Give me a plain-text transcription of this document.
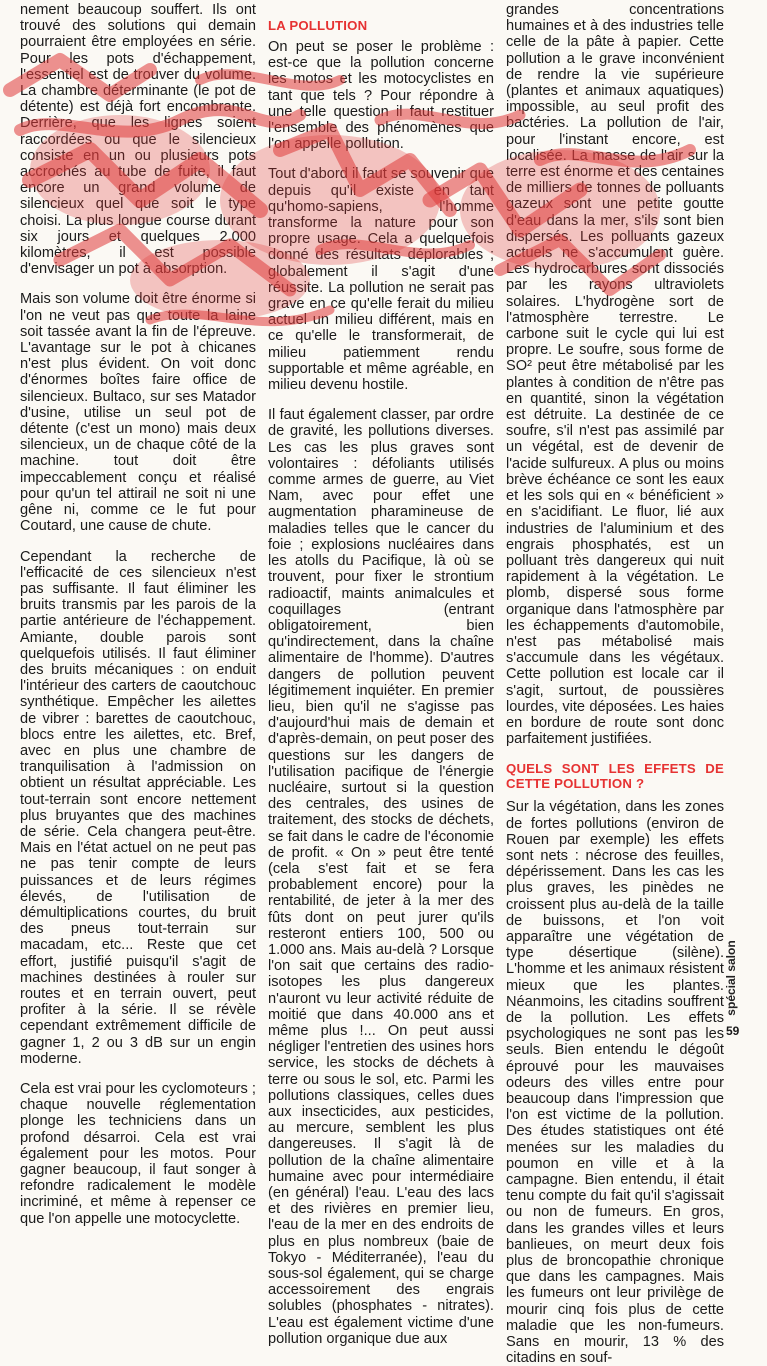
nement beaucoup souffert. Ils ont trouvé des solutions qui demain pourraient être employées en série. Pour les pots d'échappement, l'essentiel est de trouver du volume. La chambre déterminante (le pot de détente) est déjà fort encombrante. Derrière, que les lignes soient raccordées ou que le silencieux consiste en un ou plusieurs pots accrochés au tube de fuite, il faut encore un grand volume de silencieux quel que soit le type choisi. La plus longue course durant six jours et quelques 2.000 kilomètres, il est possible d'envisager un pot à absorption.

Mais son volume doit être énorme si l'on ne veut pas que toute la laine soit tassée avant la fin de l'épreuve. L'avantage sur le pot à chicanes n'est plus évident. On voit donc d'énormes boîtes faire office de silencieux. Bultaco, sur ses Matador d'usine, utilise un seul pot de détente (c'est un mono) mais deux silencieux, un de chaque côté de la machine. tout doit être impeccablement conçu et réalisé pour qu'un tel attirail ne soit ni une gêne ni, comme ce le fut pour Coutard, une cause de chute.

Cependant la recherche de l'efficacité de ces silencieux n'est pas suffisante. Il faut éliminer les bruits transmis par les parois de la partie antérieure de l'échappement. Amiante, double parois sont quelquefois utilisés. Il faut éliminer des bruits mécaniques : on enduit l'intérieur des carters de caoutchouc synthétique. Empêcher les ailettes de vibrer : barettes de caoutchouc, blocs entre les ailettes, etc. Bref, avec en plus une chambre de tranquilisation à l'admission on obtient un résultat appréciable. Les tout-terrain sont encore nettement plus bruyantes que des machines de série. Cela changera peut-être. Mais en l'état actuel on ne peut pas ne pas tenir compte de leurs puissances et de leurs régimes élevés, de l'utilisation de démultiplications courtes, du bruit des pneus tout-terrain sur macadam, etc... Reste que cet effort, justifié puisqu'il s'agit de machines destinées à rouler sur routes et en terrain ouvert, peut profiter à la série. Il se révèle cependant extrêmement difficile de gagner 1, 2 ou 3 dB sur un engin moderne.

Cela est vrai pour les cyclomoteurs ; chaque nouvelle réglementation plonge les techniciens dans un profond désarroi. Cela est vrai également pour les motos. Pour gagner beaucoup, il faut songer à refondre radicalement le modèle incriminé, et même à repenser ce que l'on appelle une motocyclette.

LA POLLUTION

On peut se poser le problème : est-ce que la pollution concerne les motos et les motocyclistes en tant que tels ? Pour répondre à une telle question il faut restituer l'ensemble des phénomènes que l'on appelle pollution.

Tout d'abord il faut se souvenir que depuis qu'il existe en tant qu'homo-sapiens, l'homme transforme la nature pour son propre usage. Cela a quelquefois donné des résultats déplorables ; globalement il s'agit d'une réussite. La pollution ne serait pas grave en ce qu'elle ferait du milieu actuel un milieu différent, mais en ce qu'elle le transformerait, de milieu patiemment rendu supportable et même agréable, en milieu devenu hostile.

Il faut également classer, par ordre de gravité, les pollutions diverses. Les cas les plus graves sont volontaires : défoliants utilisés comme armes de guerre, au Viet Nam, avec pour effet une augmentation pharamineuse de maladies telles que le cancer du foie ; explosions nucléaires dans les atolls du Pacifique, là où se trouvent, pour fixer le strontium radioactif, maints animalcules et coquillages (entrant obligatoirement, bien qu'indirectement, dans la chaîne alimentaire de l'homme). D'autres dangers de pollution peuvent légitimement inquiéter. En premier lieu, bien qu'il ne s'agisse pas d'aujourd'hui mais de demain et d'après-demain, on peut poser des questions sur les dangers de l'utilisation pacifique de l'énergie nucléaire, surtout si la question des centrales, des usines de traitement, des stocks de déchets, se fait dans le cadre de l'économie de profit. « On » peut être tenté (cela s'est fait et se fera probablement encore) pour la rentabilité, de jeter à la mer des fûts dont on peut jurer qu'ils resteront entiers 100, 500 ou 1.000 ans. Mais au-delà ? Lorsque l'on sait que certains des radio-isotopes les plus dangereux n'auront vu leur activité réduite de moitié que dans 40.000 ans et même plus !... On peut aussi négliger l'entretien des usines hors service, les stocks de déchets à terre ou sous le sol, etc. Parmi les pollutions classiques, celles dues aux insecticides, aux pesticides, au mercure, semblent les plus dangereuses. Il s'agit là de pollution de la chaîne alimentaire humaine avec pour intermédiaire (en général) l'eau. L'eau des lacs et des rivières en premier lieu, l'eau de la mer en des endroits de plus en plus nombreux (baie de Tokyo - Méditerranée), l'eau du sous-sol également, qui se charge accessoirement des engrais solubles (phosphates - nitrates). L'eau est également victime d'une pollution organique due aux

grandes concentrations humaines et à des industries telle celle de la pâte à papier. Cette pollution a le grave inconvénient de rendre la vie supérieure (plantes et animaux aquatiques) impossible, au seul profit des bactéries. La pollution de l'air, pour l'instant encore, est localisée. La masse de l'air sur la terre est énorme et des centaines de milliers de tonnes de polluants gazeux sont une petite goutte d'eau dans la mer, s'ils sont bien dispersés. Les polluants gazeux actuels ne s'accumulent guère. Les hydrocarbures sont dissociés par les rayons ultraviolets solaires. L'hydrogène sort de l'atmosphère terrestre. Le carbone suit le cycle qui lui est propre. Le soufre, sous forme de SO² peut être métabolisé par les plantes à condition de n'être pas en quantité, sinon la végétation est détruite. La destinée de ce soufre, s'il n'est pas assimilé par un végétal, est de devenir de l'acide sulfureux. A plus ou moins brève échéance ce sont les eaux et les sols qui en « bénéficient » en s'acidifiant. Le fluor, lié aux industries de l'aluminium et des engrais phosphatés, est un polluant très dangereux qui nuit rapidement à la végétation. Le plomb, dispersé sous forme organique dans l'atmosphère par les échappements d'automobile, n'est pas métabolisé mais s'accumule dans les végétaux. Cette pollution est locale car il s'agit, surtout, de poussières lourdes, vite déposées. Les haies en bordure de route sont donc parfaitement justifiées.

QUELS SONT LES EFFETS DE CETTE POLLUTION ?

Sur la végétation, dans les zones de fortes pollutions (environ de Rouen par exemple) les effets sont nets : nécrose des feuilles, dépérissement. Dans les cas les plus graves, les pinèdes ne croissent plus au-delà de la taille de buissons, et l'on voit apparaître une végétation de type désertique (silène). L'homme et les animaux résistent mieux que les plantes. Néanmoins, les citadins souffrent de la pollution. Les effets psychologiques ne sont pas les seuls. Bien entendu le dégoût éprouvé pour les mauvaises odeurs des villes entre pour beaucoup dans l'impression que l'on est victime de la pollution. Des études statistiques ont été menées sur les maladies du poumon en ville et à la campagne. Bien entendu, il était tenu compte du fait qu'il s'agissait ou non de fumeurs. En gros, dans les grandes villes et leurs banlieues, on meurt deux fois plus de broncopathie chronique que dans les campagnes. Mais les fumeurs ont leur privilège de mourir cinq fois plus de cette maladie que les non-fumeurs. Sans en mourir, 13 % des citadins en souf-

spécial salon
59
